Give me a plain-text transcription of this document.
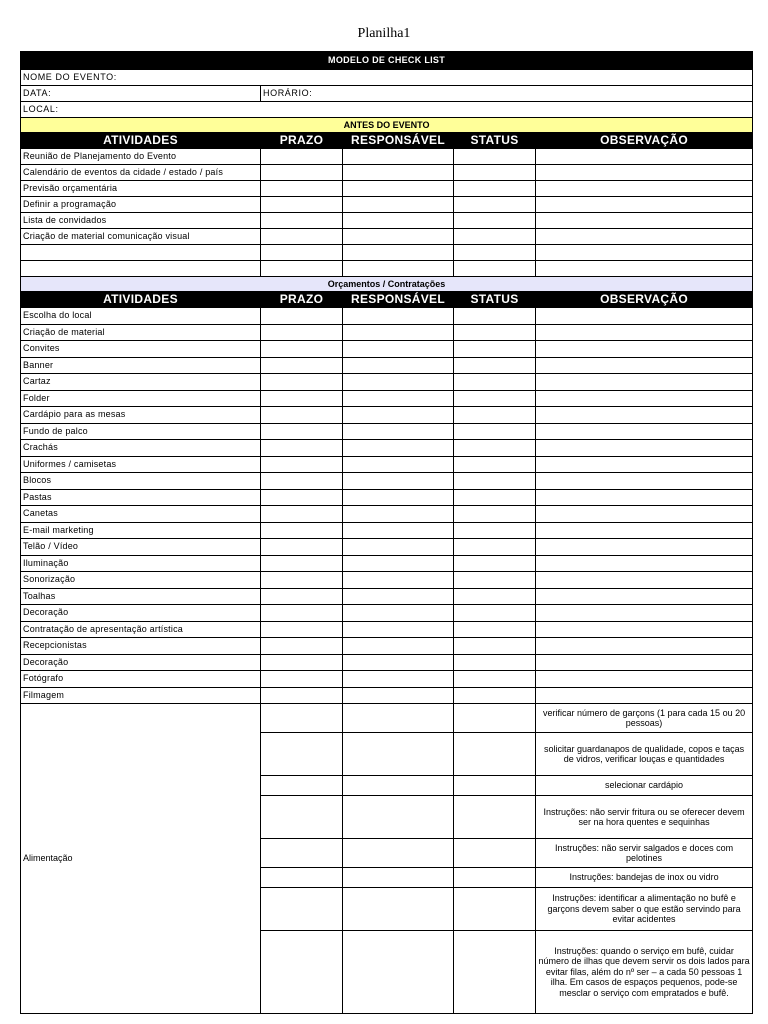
Planilha1
MODELO DE CHECK LIST				
NOME DO EVENTO:				
DATA:	HORÁRIO:			
LOCAL:				
ANTES DO EVENTO				
ATIVIDADES	PRAZO	RESPONSÁVEL	STATUS	OBSERVAÇÃO
Reunião de Planejamento do Evento				
Calendário de eventos da cidade / estado / país				
Previsão orçamentária				
Definir a programação				
Lista de convidados				
Criação de material comunicação visual				

Orçamentos / Contratações				
ATIVIDADES	PRAZO	RESPONSÁVEL	STATUS	OBSERVAÇÃO
Escolha do local				
Criação de material				
Convites				
Banner				
Cartaz				
Folder				
Cardápio para as mesas				
Fundo de palco				
Crachás				
Uniformes / camisetas				
Blocos				
Pastas				
Canetas				
E-mail marketing				
Telão / Vídeo				
Iluminação				
Sonorização				
Toalhas				
Decoração				
Contratação de apresentação artística				
Recepcionistas				
Decoração				
Fotógrafo				
Filmagem				
Alimentação				verificar número de garçons (1 para cada 15 ou 20 pessoas)
				solicitar guardanapos de qualidade, copos e taças de vidros, verificar louças e quantidades
				selecionar cardápio
				Instruções: não servir fritura ou se oferecer devem ser na hora quentes e sequinhas
				Instruções: não servir salgados e doces com pelotines
				Instruções: bandejas de inox ou vidro
				Instruções: identificar a alimentação no bufê e garçons devem saber o que estão servindo para evitar acidentes
				Instruções: quando o serviço em bufê, cuidar número de ilhas que devem servir os dois lados para evitar filas, além do nº ser – a cada 50 pessoas 1 ilha. Em casos de espaços pequenos, pode-se mesclar o serviço com empratados e bufê.
